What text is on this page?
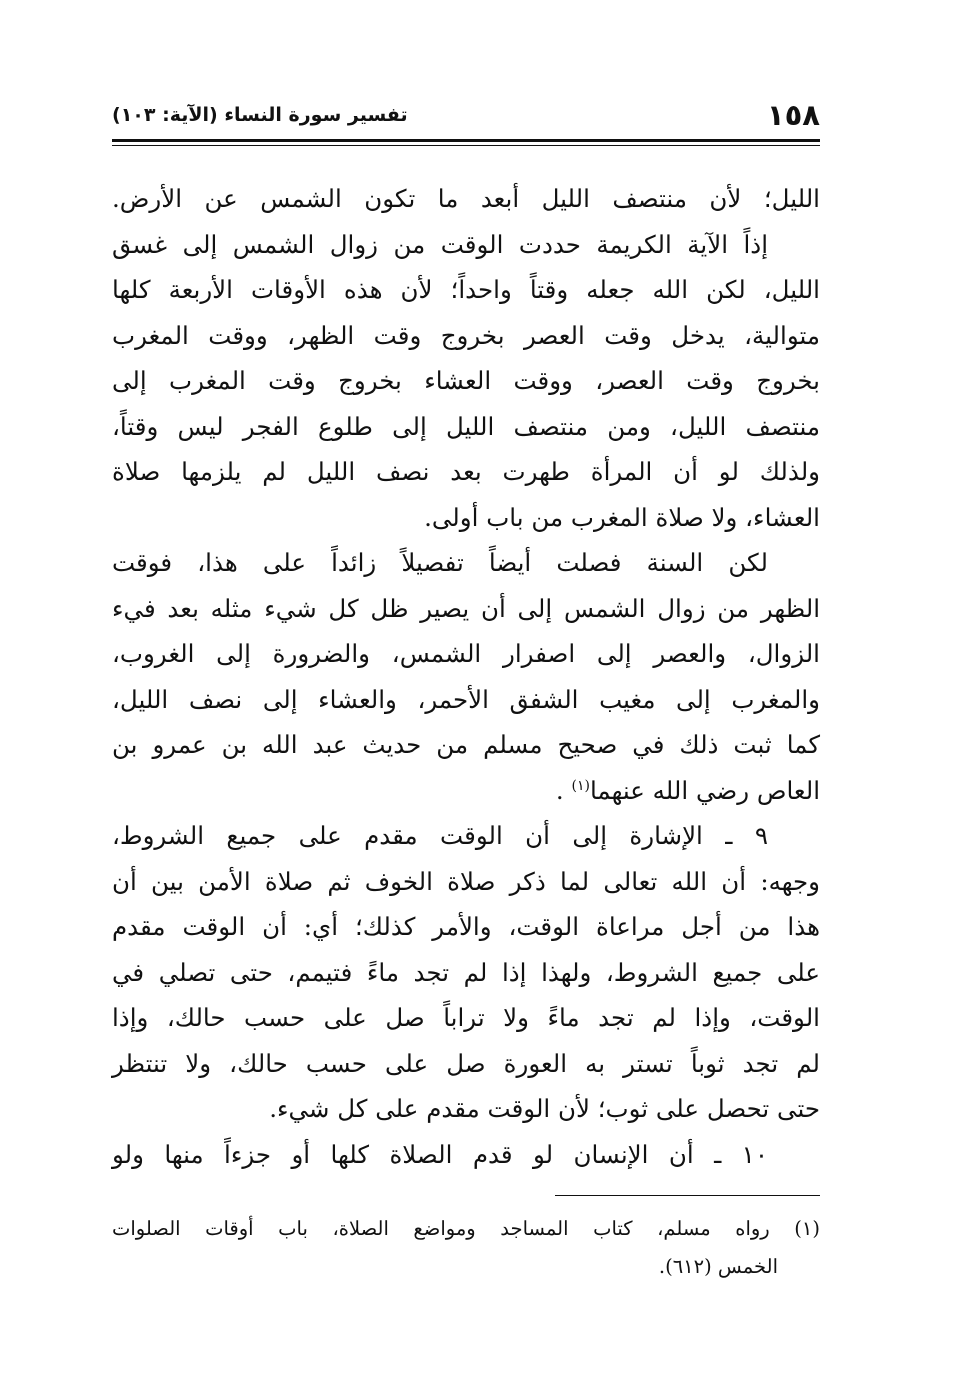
١٥٨
تفسير سورة النساء (الآية: ١٠٣)
الليل؛ لأن منتصف الليل أبعد ما تكون الشمس عن الأرض.
إذاً الآية الكريمة حددت الوقت من زوال الشمس إلى غسق
الليل، لكن الله جعله وقتاً واحداً؛ لأن هذه الأوقات الأربعة كلها
متوالية، يدخل وقت العصر بخروج وقت الظهر، ووقت المغرب
بخروج وقت العصر، ووقت العشاء بخروج وقت المغرب إلى
منتصف الليل، ومن منتصف الليل إلى طلوع الفجر ليس وقتاً،
ولذلك لو أن المرأة طهرت بعد نصف الليل لم يلزمها صلاة
العشاء، ولا صلاة المغرب من باب أولى.
لكن السنة فصلت أيضاً تفصيلاً زائداً على هذا، فوقت
الظهر من زوال الشمس إلى أن يصير ظل كل شيء مثله بعد فيء
الزوال، والعصر إلى اصفرار الشمس، والضرورة إلى الغروب،
والمغرب إلى مغيب الشفق الأحمر، والعشاء إلى نصف الليل،
كما ثبت ذلك في صحيح مسلم من حديث عبد الله بن عمرو بن
العاص رضي الله عنهما$^{(١)}$ .
٩ ـ الإشارة إلى أن الوقت مقدم على جميع الشروط،
وجهه: أن الله تعالى لما ذكر صلاة الخوف ثم صلاة الأمن بين أن
هذا من أجل مراعاة الوقت، والأمر كذلك؛ أي: أن الوقت مقدم
على جميع الشروط، ولهذا إذا لم تجد ماءً فتيمم، حتى تصلي في
الوقت، وإذا لم تجد ماءً ولا تراباً صل على حسب حالك، وإذا
لم تجد ثوباً تستر به العورة صل على حسب حالك، ولا تنتظر
حتى تحصل على ثوب؛ لأن الوقت مقدم على كل شيء.
١٠ ـ أن الإنسان لو قدم الصلاة كلها أو جزءاً منها ولو
(١) رواه مسلم، كتاب المساجد ومواضع الصلاة، باب أوقات الصلوات
الخمس (٦١٢).
